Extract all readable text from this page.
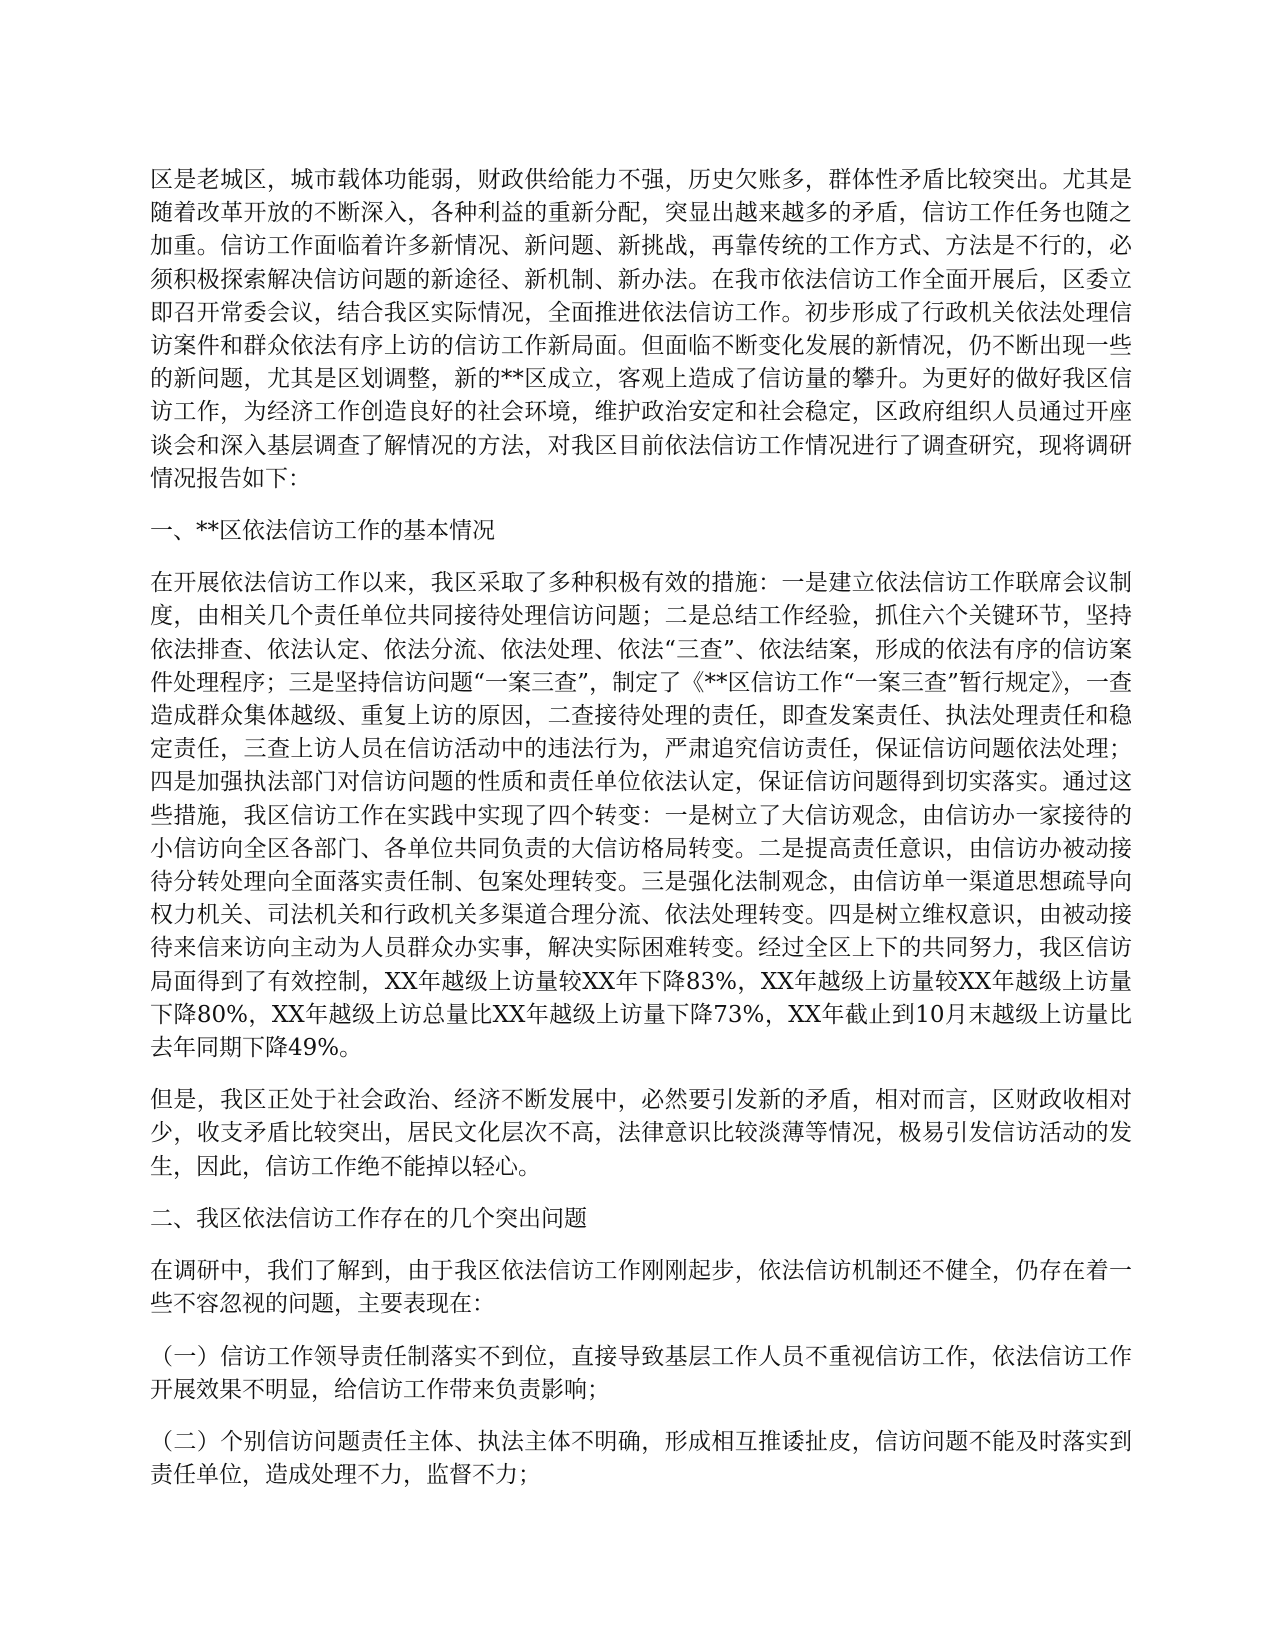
区是老城区，城市载体功能弱，财政供给能力不强，历史欠账多，群体性矛盾比较突出。尤其是随着改革开放的不断深入，各种利益的重新分配，突显出越来越多的矛盾，信访工作任务也随之加重。信访工作面临着许多新情况、新问题、新挑战，再靠传统的工作方式、方法是不行的，必须积极探索解决信访问题的新途径、新机制、新办法。在我市依法信访工作全面开展后，区委立即召开常委会议，结合我区实际情况，全面推进依法信访工作。初步形成了行政机关依法处理信访案件和群众依法有序上访的信访工作新局面。但面临不断变化发展的新情况，仍不断出现一些的新问题，尤其是区划调整，新的**区成立，客观上造成了信访量的攀升。为更好的做好我区信访工作，为经济工作创造良好的社会环境，维护政治安定和社会稳定，区政府组织人员通过开座谈会和深入基层调查了解情况的方法，对我区目前依法信访工作情况进行了调查研究，现将调研情况报告如下：

一、**区依法信访工作的基本情况

在开展依法信访工作以来，我区采取了多种积极有效的措施：一是建立依法信访工作联席会议制度，由相关几个责任单位共同接待处理信访问题；二是总结工作经验，抓住六个关键环节，坚持依法排查、依法认定、依法分流、依法处理、依法“三查”、依法结案，形成的依法有序的信访案件处理程序；三是坚持信访问题“一案三查”，制定了《**区信访工作“一案三查”暂行规定》，一查造成群众集体越级、重复上访的原因，二查接待处理的责任，即查发案责任、执法处理责任和稳定责任，三查上访人员在信访活动中的违法行为，严肃追究信访责任，保证信访问题依法处理；四是加强执法部门对信访问题的性质和责任单位依法认定，保证信访问题得到切实落实。通过这些措施，我区信访工作在实践中实现了四个转变：一是树立了大信访观念，由信访办一家接待的小信访向全区各部门、各单位共同负责的大信访格局转变。二是提高责任意识，由信访办被动接待分转处理向全面落实责任制、包案处理转变。三是强化法制观念，由信访单一渠道思想疏导向权力机关、司法机关和行政机关多渠道合理分流、依法处理转变。四是树立维权意识，由被动接待来信来访向主动为人员群众办实事，解决实际困难转变。经过全区上下的共同努力，我区信访局面得到了有效控制，XX年越级上访量较XX年下降83%，XX年越级上访量较XX年越级上访量下降80%，XX年越级上访总量比XX年越级上访量下降73%，XX年截止到10月末越级上访量比去年同期下降49%。

但是，我区正处于社会政治、经济不断发展中，必然要引发新的矛盾，相对而言，区财政收相对少，收支矛盾比较突出，居民文化层次不高，法律意识比较淡薄等情况，极易引发信访活动的发生，因此，信访工作绝不能掉以轻心。

二、我区依法信访工作存在的几个突出问题

在调研中，我们了解到，由于我区依法信访工作刚刚起步，依法信访机制还不健全，仍存在着一些不容忽视的问题，主要表现在：

（一）信访工作领导责任制落实不到位，直接导致基层工作人员不重视信访工作，依法信访工作开展效果不明显，给信访工作带来负责影响；

（二）个别信访问题责任主体、执法主体不明确，形成相互推诿扯皮，信访问题不能及时落实到责任单位，造成处理不力，监督不力；
